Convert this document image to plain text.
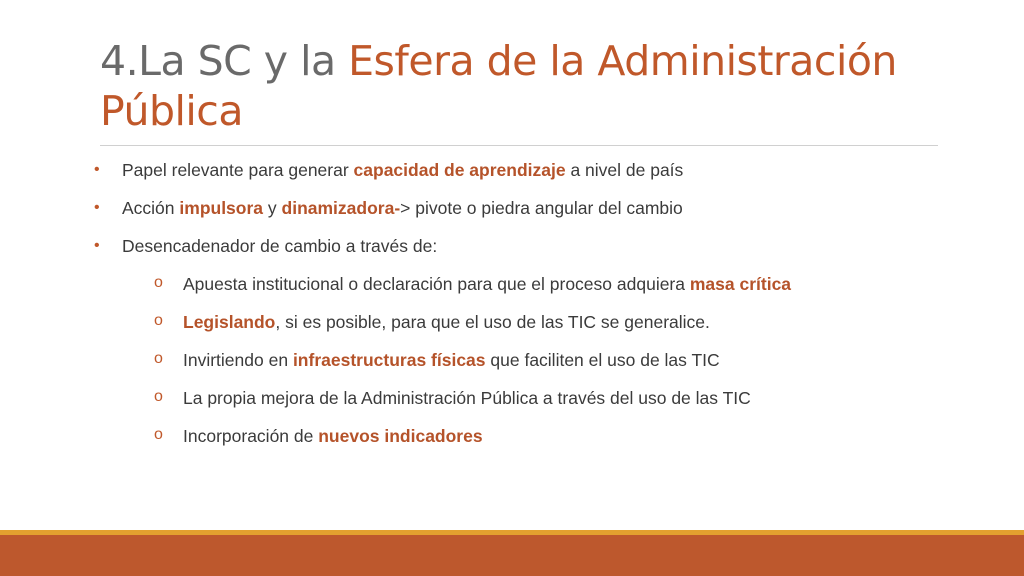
4.La SC y la Esfera de la Administración Pública
• Papel relevante para generar capacidad de aprendizaje a nivel de país
• Acción impulsora y dinamizadora-> pivote o piedra angular del cambio
• Desencadenador de cambio a través de:
o Apuesta institucional o declaración para que el proceso adquiera masa crítica
o Legislando, si es posible, para que el uso de las TIC se generalice.
o Invirtiendo en infraestructuras físicas que faciliten el uso de las TIC
o La propia mejora de la Administración Pública a través del uso de las TIC
o Incorporación de nuevos indicadores
